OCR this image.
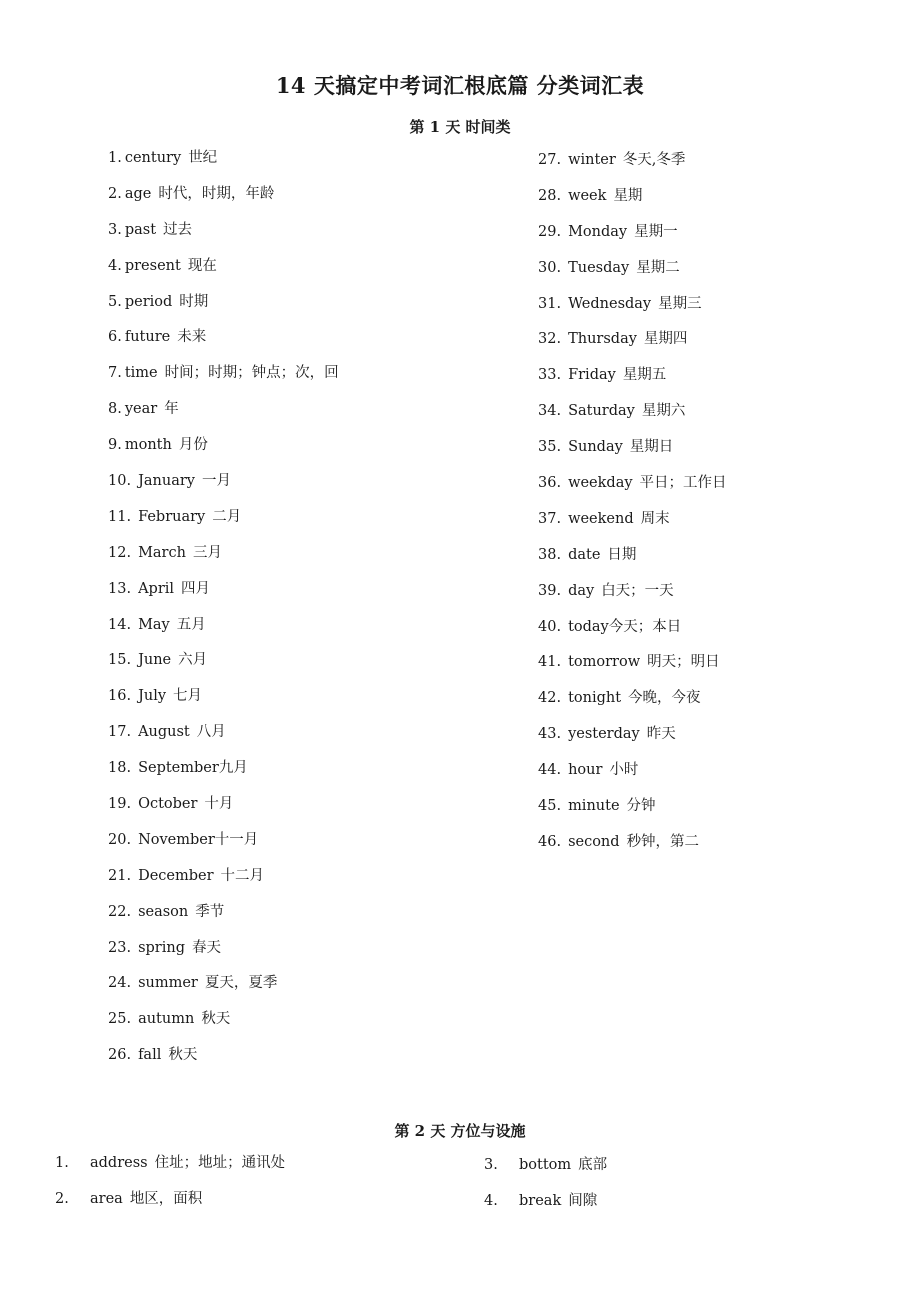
14 天搞定中考词汇根底篇 分类词汇表
第 1 天 时间类
1. century 世纪
2. age 时代，时期，年龄
3. past 过去
4. present 现在
5. period 时期
6. future 未来
7. time 时间；时期；钟点；次，回
8. year 年
9. month 月份
10. January 一月
11. February 二月
12. March 三月
13. April 四月
14. May 五月
15. June 六月
16. July 七月
17. August 八月
18. September九月
19. October 十月
20. November十一月
21. December 十二月
22. season 季节
23. spring 春天
24. summer 夏天，夏季
25. autumn 秋天
26. fall 秋天
27. winter 冬天,冬季
28. week 星期
29. Monday 星期一
30. Tuesday 星期二
31. Wednesday 星期三
32. Thursday 星期四
33. Friday 星期五
34. Saturday 星期六
35. Sunday 星期日
36. weekday 平日；工作日
37. weekend 周末
38. date 日期
39. day 白天；一天
40. today今天；本日
41. tomorrow 明天；明日
42. tonight 今晚，今夜
43. yesterday 昨天
44. hour 小时
45. minute 分钟
46. second 秒钟，第二
第 2 天 方位与设施
1. address 住址；地址；通讯处
2. area 地区，面积
3. bottom 底部
4. break 间隙
